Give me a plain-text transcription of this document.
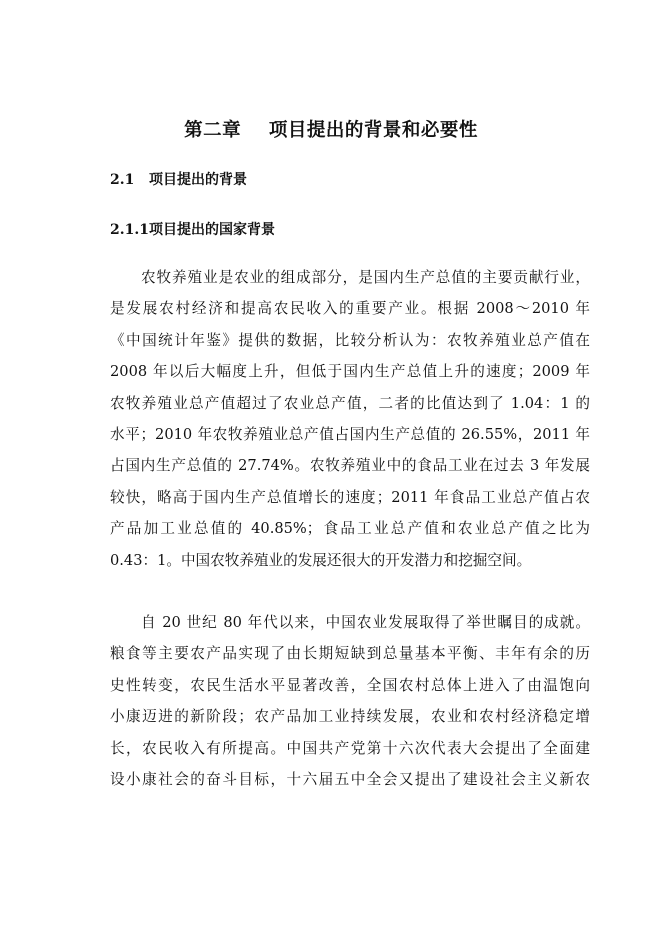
第二章    项目提出的背景和必要性
2.1   项目提出的背景
2.1.1项目提出的国家背景
农牧养殖业是农业的组成部分，是国内生产总值的主要贡献行业，
是发展农村经济和提高农民收入的重要产业。根据 2008～2010 年
《中国统计年鉴》提供的数据，比较分析认为：农牧养殖业总产值在
2008 年以后大幅度上升，但低于国内生产总值上升的速度；2009 年
农牧养殖业总产值超过了农业总产值，二者的比值达到了 1.04：1 的
水平；2010 年农牧养殖业总产值占国内生产总值的 26.55%，2011 年
占国内生产总值的 27.74%。农牧养殖业中的食品工业在过去 3 年发展
较快，略高于国内生产总值增长的速度；2011 年食品工业总产值占农
产品加工业总值的 40.85%；食品工业总产值和农业总产值之比为
0.43：1。中国农牧养殖业的发展还很大的开发潜力和挖掘空间。
自 20 世纪 80 年代以来，中国农业发展取得了举世瞩目的成就。
粮食等主要农产品实现了由长期短缺到总量基本平衡、丰年有余的历
史性转变，农民生活水平显著改善，全国农村总体上进入了由温饱向
小康迈进的新阶段；农产品加工业持续发展，农业和农村经济稳定增
长，农民收入有所提高。中国共产党第十六次代表大会提出了全面建
设小康社会的奋斗目标，十六届五中全会又提出了建设社会主义新农
